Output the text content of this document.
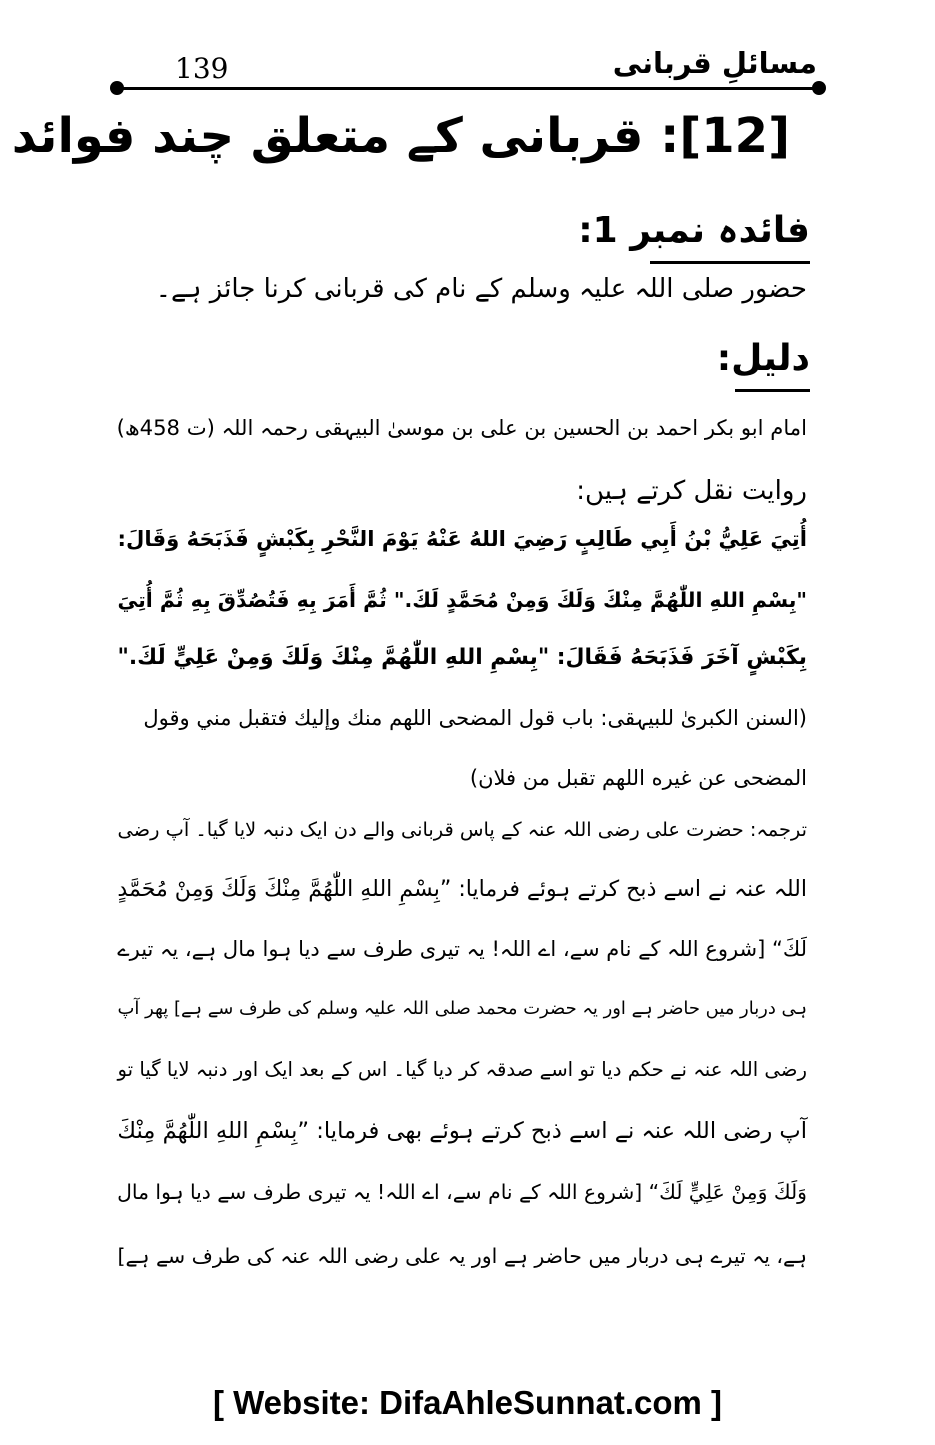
مسائلِ قربانی
139
[12]: قربانی کے متعلق چند فوائد
فائدہ نمبر 1:
حضور صلی اللہ علیہ وسلم کے نام کی قربانی کرنا جائز ہے۔
دلیل:
امام ابو بکر احمد بن الحسین بن علی بن موسیٰ البیہقی رحمہ اللہ (ت 458ھ)
روایت نقل کرتے ہیں:
أُتِيَ عَلِيُّ بْنُ أَبِي طَالِبٍ رَضِيَ اللهُ عَنْهُ يَوْمَ النَّحْرِ بِكَبْشٍ فَذَبَحَهُ وَقَالَ:
"بِسْمِ اللهِ اللّٰهُمَّ مِنْكَ وَلَكَ وَمِنْ مُحَمَّدٍ لَكَ." ثُمَّ أَمَرَ بِهِ فَتُصُدِّقَ بِهِ ثُمَّ أُتِيَ
بِكَبْشٍ آخَرَ فَذَبَحَهُ فَقَالَ: "بِسْمِ اللهِ اللّٰهُمَّ مِنْكَ وَلَكَ وَمِنْ عَلِيٍّ لَكَ."
(السنن الکبریٰ للبیہقی: باب قول المضحی اللهم منك وإليك فتقبل مني وقول
المضحی عن غيره اللهم تقبل من فلان)
ترجمہ: حضرت علی رضی اللہ عنہ کے پاس قربانی والے دن ایک دنبہ لایا گیا۔ آپ رضی
اللہ عنہ نے اسے ذبح کرتے ہوئے فرمایا: ”بِسْمِ اللهِ اللّٰهُمَّ مِنْكَ وَلَكَ وَمِنْ مُحَمَّدٍ
لَكَ“ [شروع اللہ کے نام سے، اے اللہ! یہ تیری طرف سے دیا ہوا مال ہے، یہ تیرے
ہی دربار میں حاضر ہے اور یہ حضرت محمد صلی اللہ علیہ وسلم کی طرف سے ہے] پھر آپ
رضی اللہ عنہ نے حکم دیا تو اسے صدقہ کر دیا گیا۔ اس کے بعد ایک اور دنبہ لایا گیا تو
آپ رضی اللہ عنہ نے اسے ذبح کرتے ہوئے بھی فرمایا: ”بِسْمِ اللهِ اللّٰهُمَّ مِنْكَ
وَلَكَ وَمِنْ عَلِيٍّ لَكَ“ [شروع اللہ کے نام سے، اے اللہ! یہ تیری طرف سے دیا ہوا مال
ہے، یہ تیرے ہی دربار میں حاضر ہے اور یہ علی رضی اللہ عنہ کی طرف سے ہے]
[ Website: DifaAhleSunnat.com ]
